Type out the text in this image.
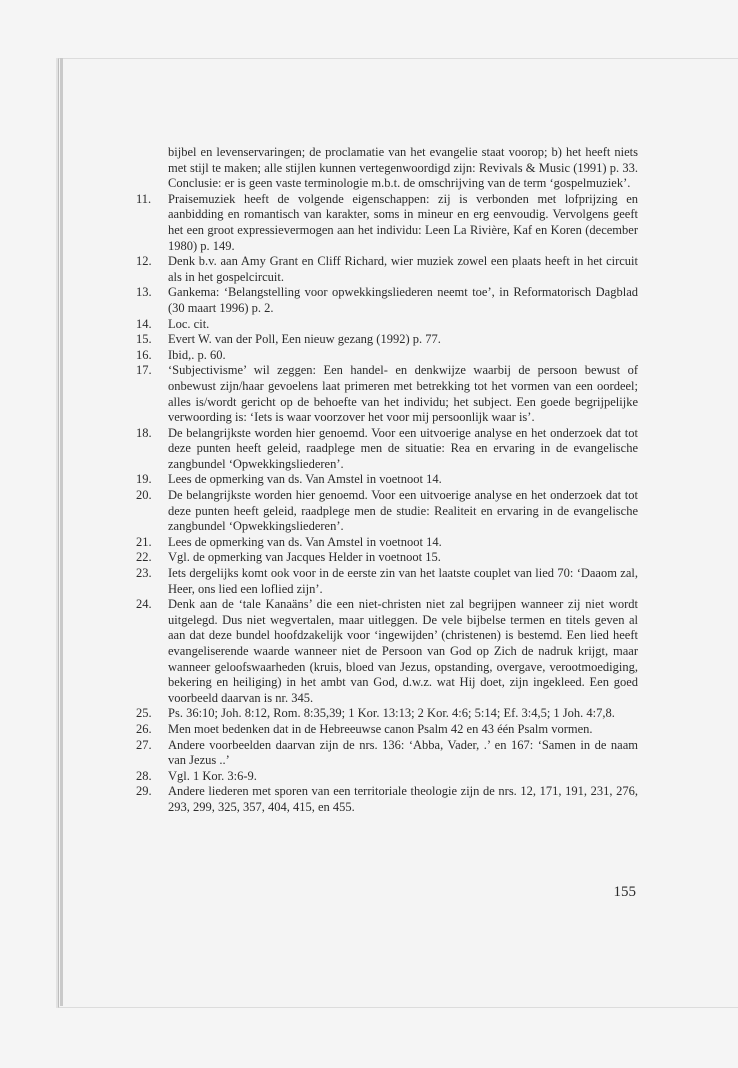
bijbel en levenservaringen; de proclamatie van het evangelie staat voorop; b) het heeft niets met stijl te maken; alle stijlen kunnen vertegenwoordigd zijn: Revivals & Music (1991) p. 33. Conclusie: er is geen vaste terminologie m.b.t. de omschrijving van de term ‘gospelmuziek’.

11.	Praisemuziek heeft de volgende eigenschappen: zij is verbonden met lofprijzing en aanbidding en romantisch van karakter, soms in mineur en erg eenvoudig. Vervolgens geeft het een groot expressievermogen aan het individu: Leen La Rivière, Kaf en Koren (december 1980) p. 149.
12.	Denk b.v. aan Amy Grant en Cliff Richard, wier muziek zowel een plaats heeft in het circuit als in het gospelcircuit.
13.	Gankema: ‘Belangstelling voor opwekkingsliederen neemt toe’, in Reformatorisch Dagblad (30 maart 1996) p. 2.
14.	Loc. cit.
15.	Evert W. van der Poll, Een nieuw gezang (1992) p. 77.
16.	Ibid,. p. 60.
17.	‘Subjectivisme’ wil zeggen: Een handel- en denkwijze waarbij de persoon bewust of onbewust zijn/haar gevoelens laat primeren met betrekking tot het vormen van een oordeel; alles is/wordt gericht op de behoefte van het individu; het subject. Een goede begrijpelijke verwoording is: ‘Iets is waar voorzover het voor mij persoonlijk waar is’.
18.	De belangrijkste worden hier genoemd. Voor een uitvoerige analyse en het onderzoek dat tot deze punten heeft geleid, raadplege men de situatie: Rea en ervaring in de evangelische zangbundel ‘Opwekkingsliederen’.
19.	Lees de opmerking van ds. Van Amstel in voetnoot 14.
20.	De belangrijkste worden hier genoemd. Voor een uitvoerige analyse en het onderzoek dat tot deze punten heeft geleid, raadplege men de studie: Realiteit en ervaring in de evangelische zangbundel ‘Opwekkingsliederen’.
21.	Lees de opmerking van ds. Van Amstel in voetnoot 14.
22.	Vgl. de opmerking van Jacques Helder in voetnoot 15.
23.	Iets dergelijks komt ook voor in de eerste zin van het laatste couplet van lied 70: ‘Daaom zal, Heer, ons lied een loflied zijn’.
24.	Denk aan de ‘tale Kanaäns’ die een niet-christen niet zal begrijpen wanneer zij niet wordt uitgelegd. Dus niet wegvertalen, maar uitleggen. De vele bijbelse termen en titels geven al aan dat deze bundel hoofdzakelijk voor ‘ingewijden’ (christenen) is bestemd. Een lied heeft evangeliserende waarde wanneer niet de Persoon van God op Zich de nadruk krijgt, maar wanneer geloofswaarheden (kruis, bloed van Jezus, opstanding, overgave, verootmoediging, bekering en heiliging) in het ambt van God, d.w.z. wat Hij doet, zijn ingekleed. Een goed voorbeeld daarvan is nr. 345.
25.	Ps. 36:10; Joh. 8:12, Rom. 8:35,39; 1 Kor. 13:13; 2 Kor. 4:6; 5:14; Ef. 3:4,5; 1 Joh. 4:7,8.
26.	Men moet bedenken dat in de Hebreeuwse canon Psalm 42 en 43 één Psalm vormen.
27.	Andere voorbeelden daarvan zijn de nrs. 136: ‘Abba, Vader, .’ en 167: ‘Samen in de naam van Jezus ..’
28.	Vgl. 1 Kor. 3:6-9.
29.	Andere liederen met sporen van een territoriale theologie zijn de nrs. 12, 171, 191, 231, 276, 293, 299, 325, 357, 404, 415, en 455.
155
